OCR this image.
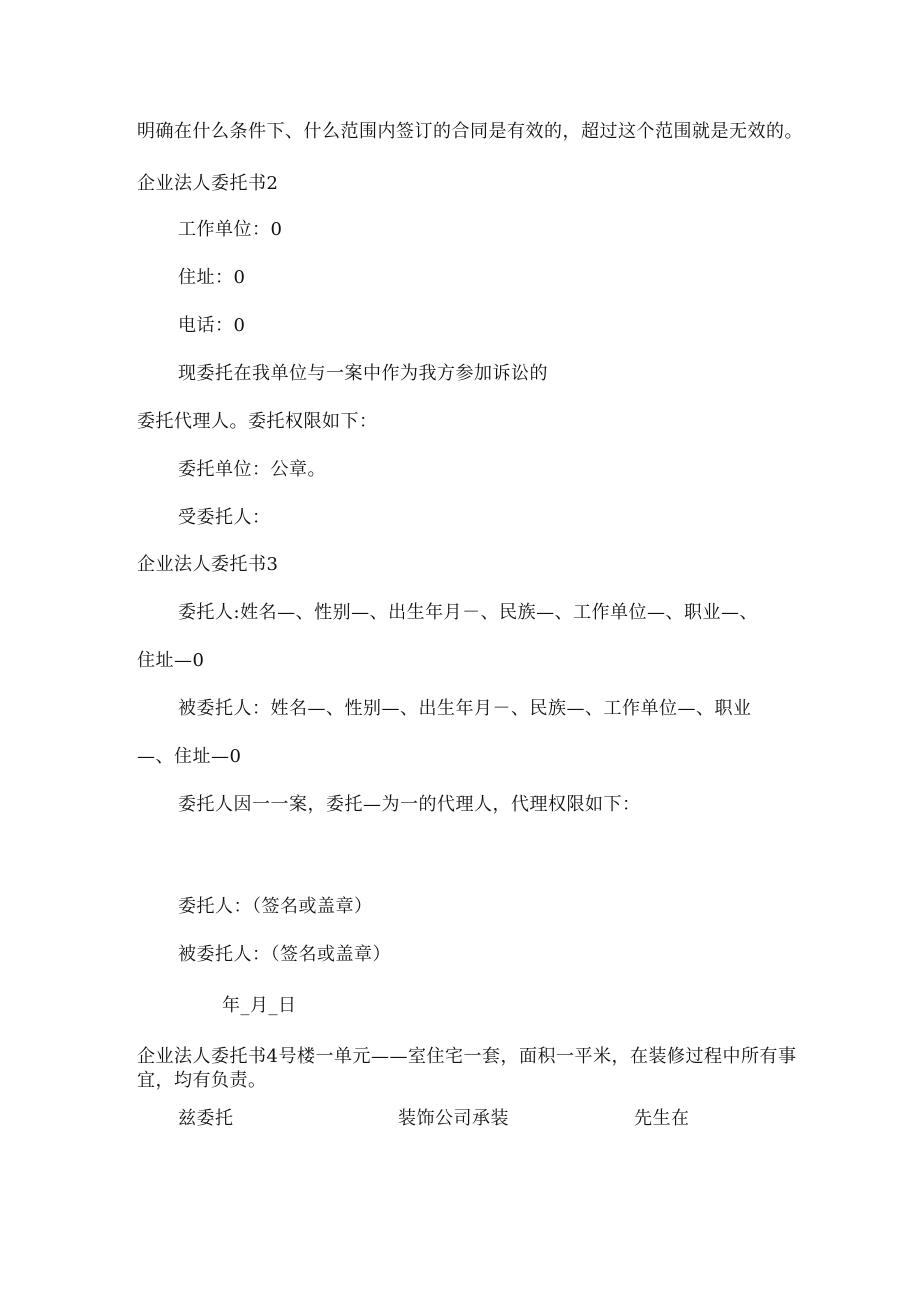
明确在什么条件下、什么范围内签订的合同是有效的，超过这个范围就是无效的。
企业法人委托书2
工作单位：0
住址：0
电话：0
现委托在我单位与一案中作为我方参加诉讼的
委托代理人。委托权限如下：
委托单位：公章。
受委托人：
企业法人委托书3
委托人:姓名—、性别—、出生年月－、民族—、工作单位—、职业—、
住址—0
被委托人：姓名—、性别—、出生年月－、民族—、工作单位—、职业
—、住址—0
委托人因一一案，委托—为一的代理人，代理权限如下：
委托人：（签名或盖章）
被委托人：（签名或盖章）
年_月_日
企业法人委托书4号楼一单元——室住宅一套，面积一平米，在装修过程中所有事宜，均有负责。
兹委托	装饰公司承装	先生在
